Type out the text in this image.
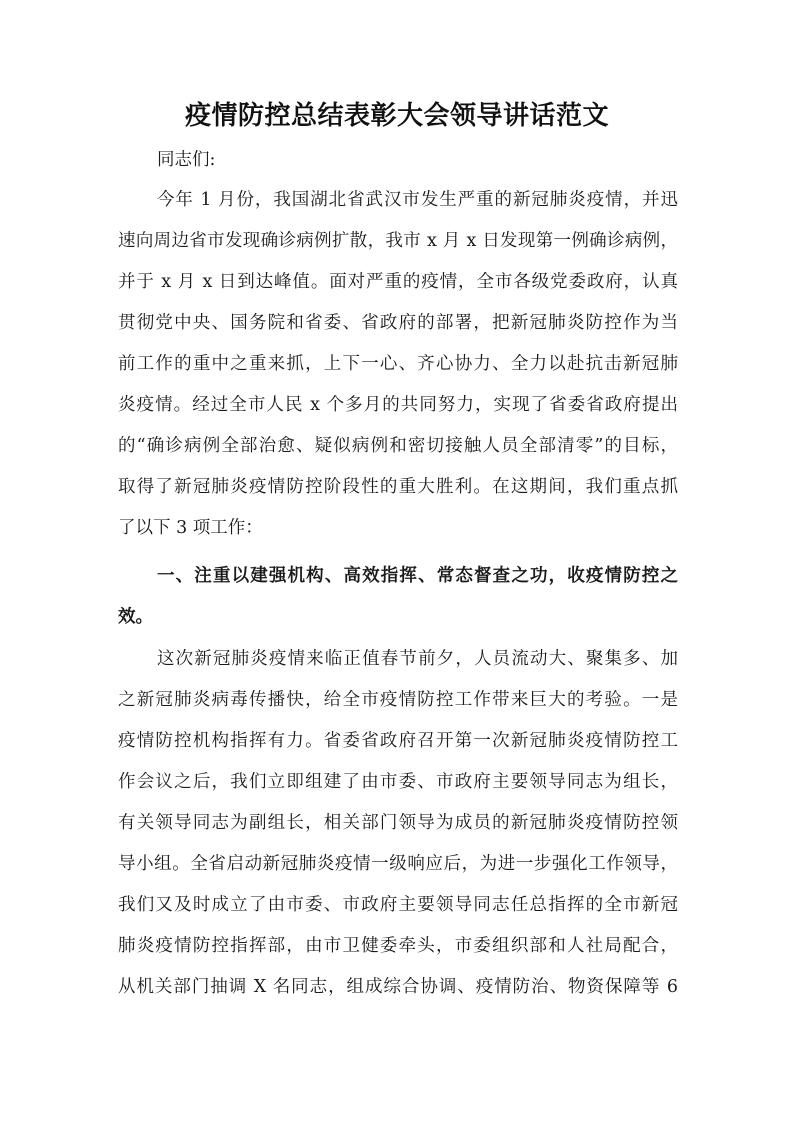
疫情防控总结表彰大会领导讲话范文
同志们:
今年 1 月份，我国湖北省武汉市发生严重的新冠肺炎疫情，并迅
速向周边省市发现确诊病例扩散，我市 x 月 x 日发现第一例确诊病例，
并于 x 月 x 日到达峰值。面对严重的疫情，全市各级党委政府，认真
贯彻党中央、国务院和省委、省政府的部署，把新冠肺炎防控作为当
前工作的重中之重来抓，上下一心、齐心协力、全力以赴抗击新冠肺
炎疫情。经过全市人民 x 个多月的共同努力，实现了省委省政府提出
的“确诊病例全部治愈、疑似病例和密切接触人员全部清零”的目标，
取得了新冠肺炎疫情防控阶段性的重大胜利。在这期间，我们重点抓
了以下 3 项工作：
一、注重以建强机构、高效指挥、常态督查之功，收疫情防控之
效。
这次新冠肺炎疫情来临正值春节前夕，人员流动大、聚集多、加
之新冠肺炎病毒传播快，给全市疫情防控工作带来巨大的考验。一是
疫情防控机构指挥有力。省委省政府召开第一次新冠肺炎疫情防控工
作会议之后，我们立即组建了由市委、市政府主要领导同志为组长，
有关领导同志为副组长，相关部门领导为成员的新冠肺炎疫情防控领
导小组。全省启动新冠肺炎疫情一级响应后，为进一步强化工作领导，
我们又及时成立了由市委、市政府主要领导同志任总指挥的全市新冠
肺炎疫情防控指挥部，由市卫健委牵头，市委组织部和人社局配合，
从机关部门抽调 X 名同志，组成综合协调、疫情防治、物资保障等 6
